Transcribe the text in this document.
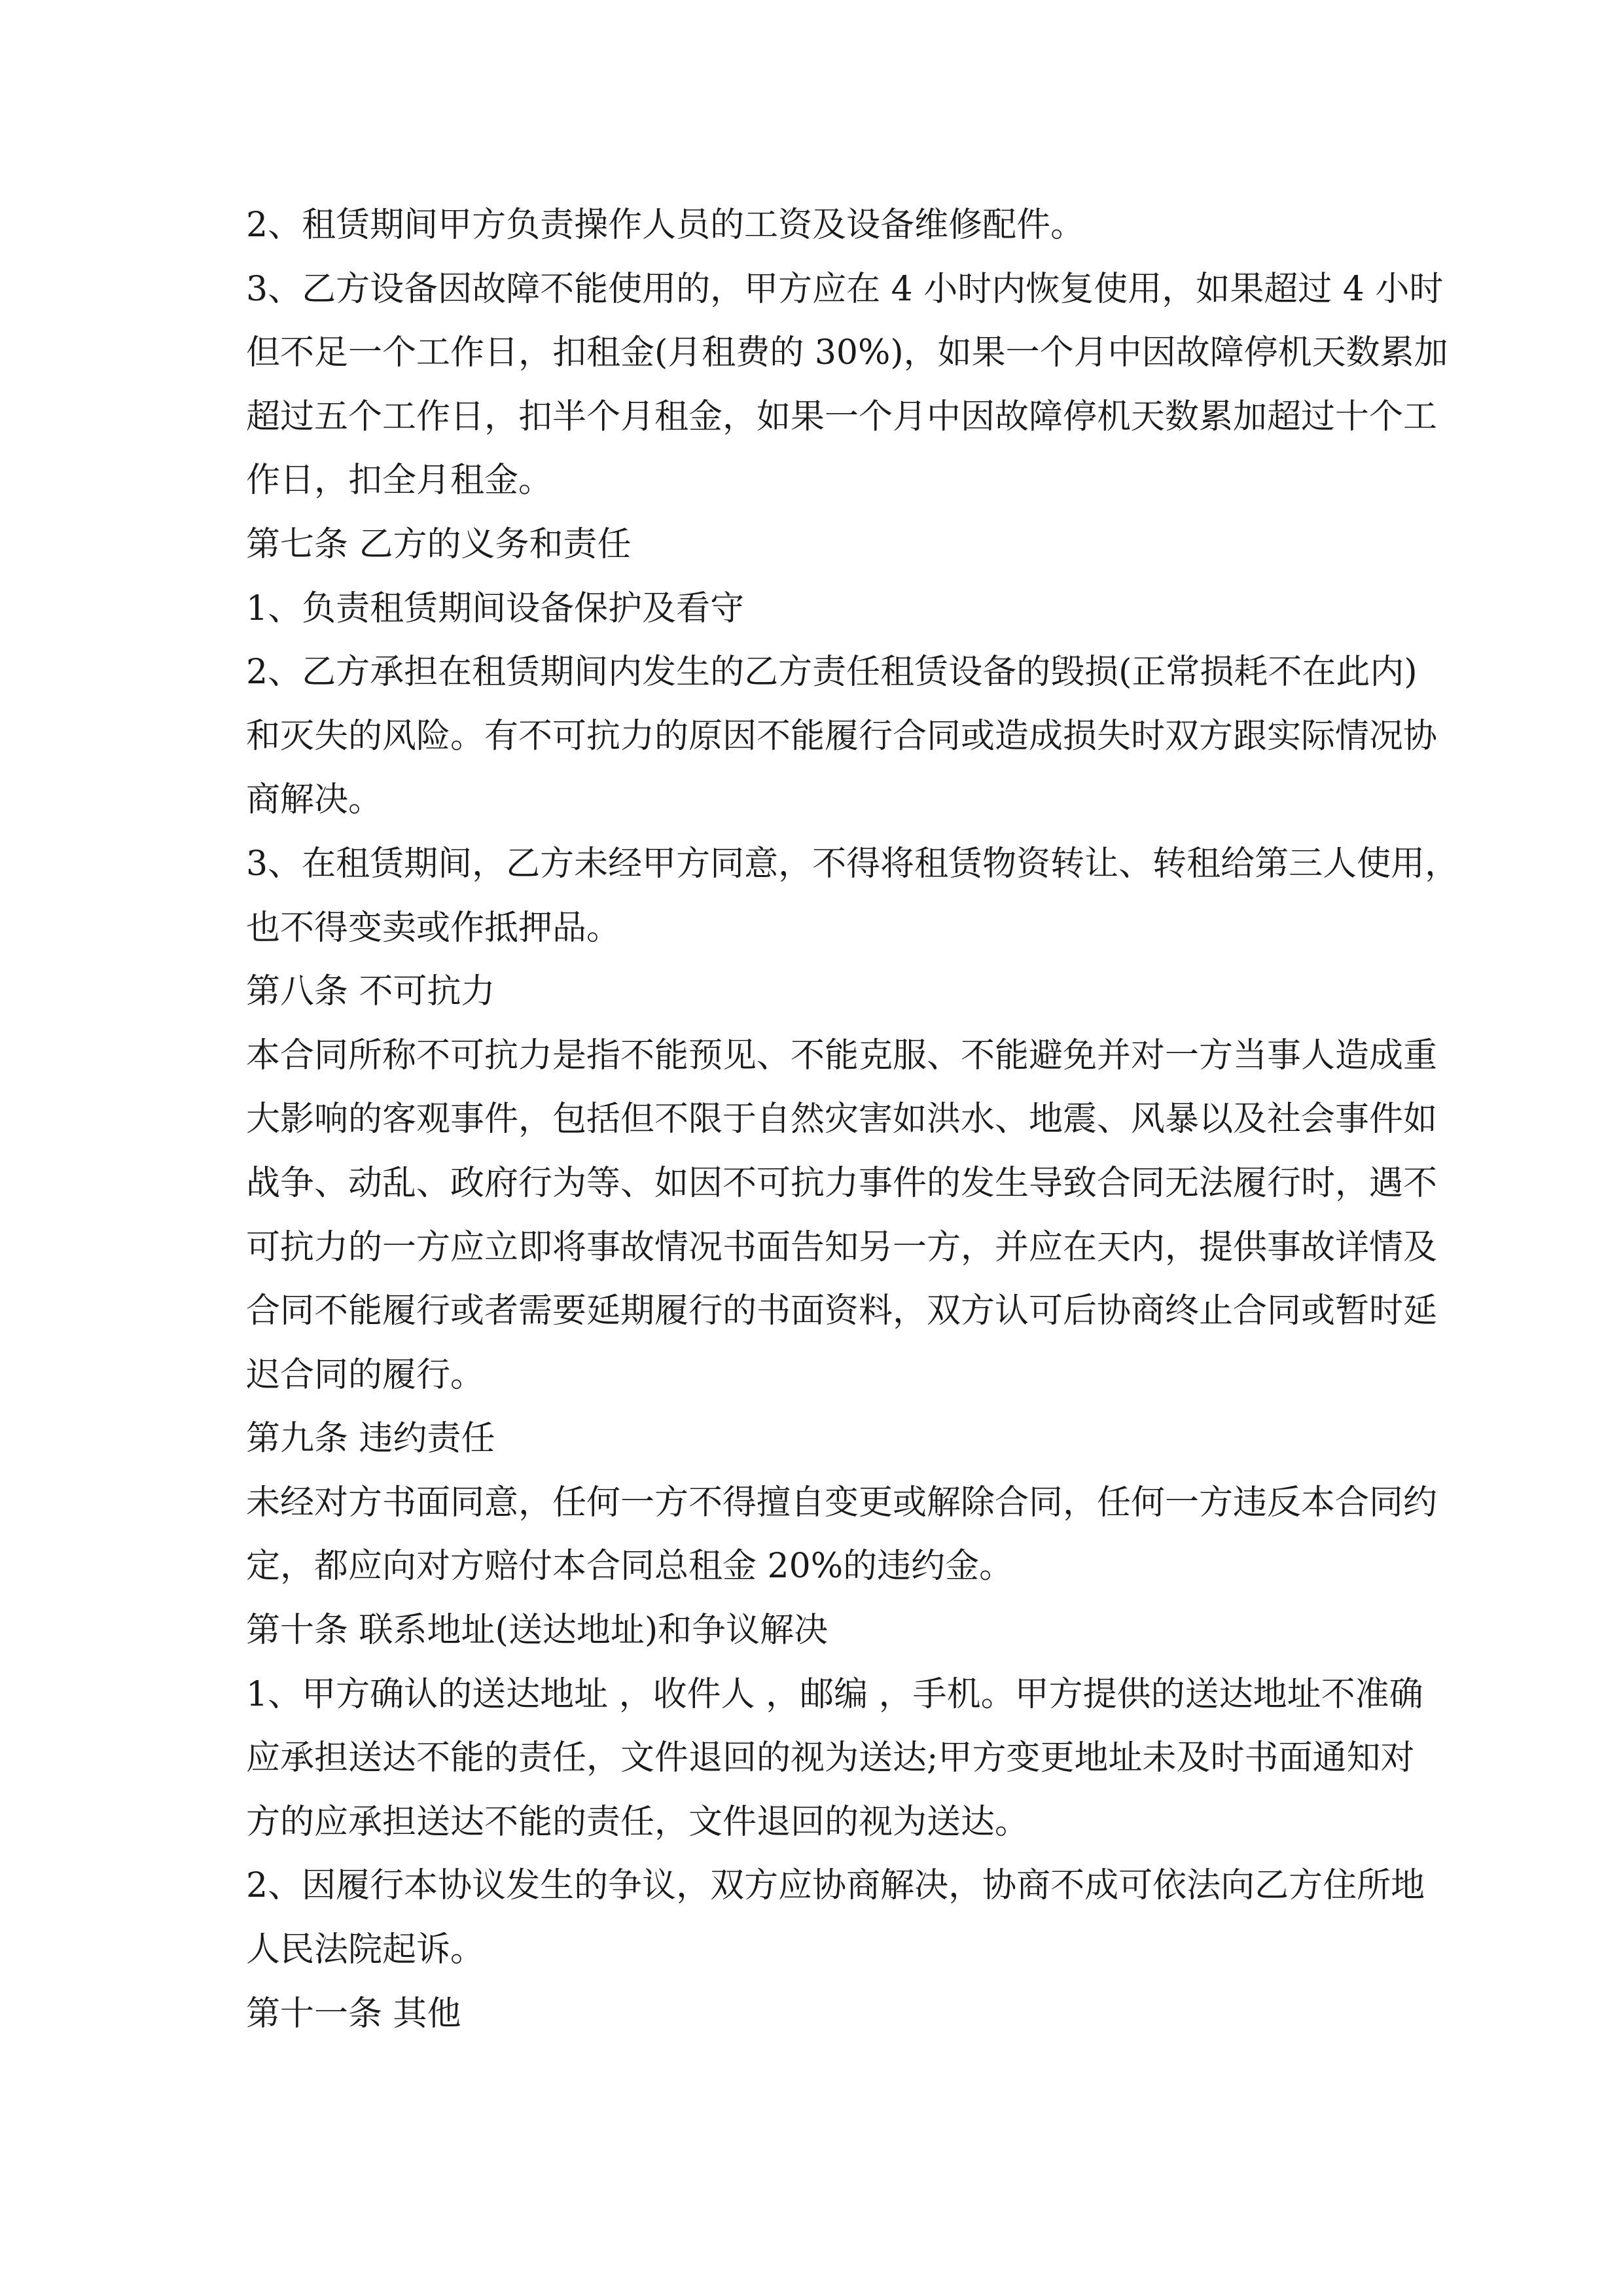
2、租赁期间甲方负责操作人员的工资及设备维修配件。
3、乙方设备因故障不能使用的，甲方应在 4 小时内恢复使用，如果超过 4 小时
但不足一个工作日，扣租金(月租费的 30%)，如果一个月中因故障停机天数累加
超过五个工作日，扣半个月租金，如果一个月中因故障停机天数累加超过十个工
作日，扣全月租金。
第七条 乙方的义务和责任
1、负责租赁期间设备保护及看守
2、乙方承担在租赁期间内发生的乙方责任租赁设备的毁损(正常损耗不在此内)
和灭失的风险。有不可抗力的原因不能履行合同或造成损失时双方跟实际情况协
商解决。
3、在租赁期间，乙方未经甲方同意，不得将租赁物资转让、转租给第三人使用，
也不得变卖或作抵押品。
第八条 不可抗力
本合同所称不可抗力是指不能预见、不能克服、不能避免并对一方当事人造成重
大影响的客观事件，包括但不限于自然灾害如洪水、地震、风暴以及社会事件如
战争、动乱、政府行为等、如因不可抗力事件的发生导致合同无法履行时，遇不
可抗力的一方应立即将事故情况书面告知另一方，并应在天内，提供事故详情及
合同不能履行或者需要延期履行的书面资料，双方认可后协商终止合同或暂时延
迟合同的履行。
第九条 违约责任
未经对方书面同意，任何一方不得擅自变更或解除合同，任何一方违反本合同约
定，都应向对方赔付本合同总租金 20%的违约金。
第十条 联系地址(送达地址)和争议解决
1、甲方确认的送达地址 ，收件人 ，邮编 ，手机。甲方提供的送达地址不准确
应承担送达不能的责任，文件退回的视为送达;甲方变更地址未及时书面通知对
方的应承担送达不能的责任，文件退回的视为送达。
2、因履行本协议发生的争议，双方应协商解决，协商不成可依法向乙方住所地
人民法院起诉。
第十一条 其他
